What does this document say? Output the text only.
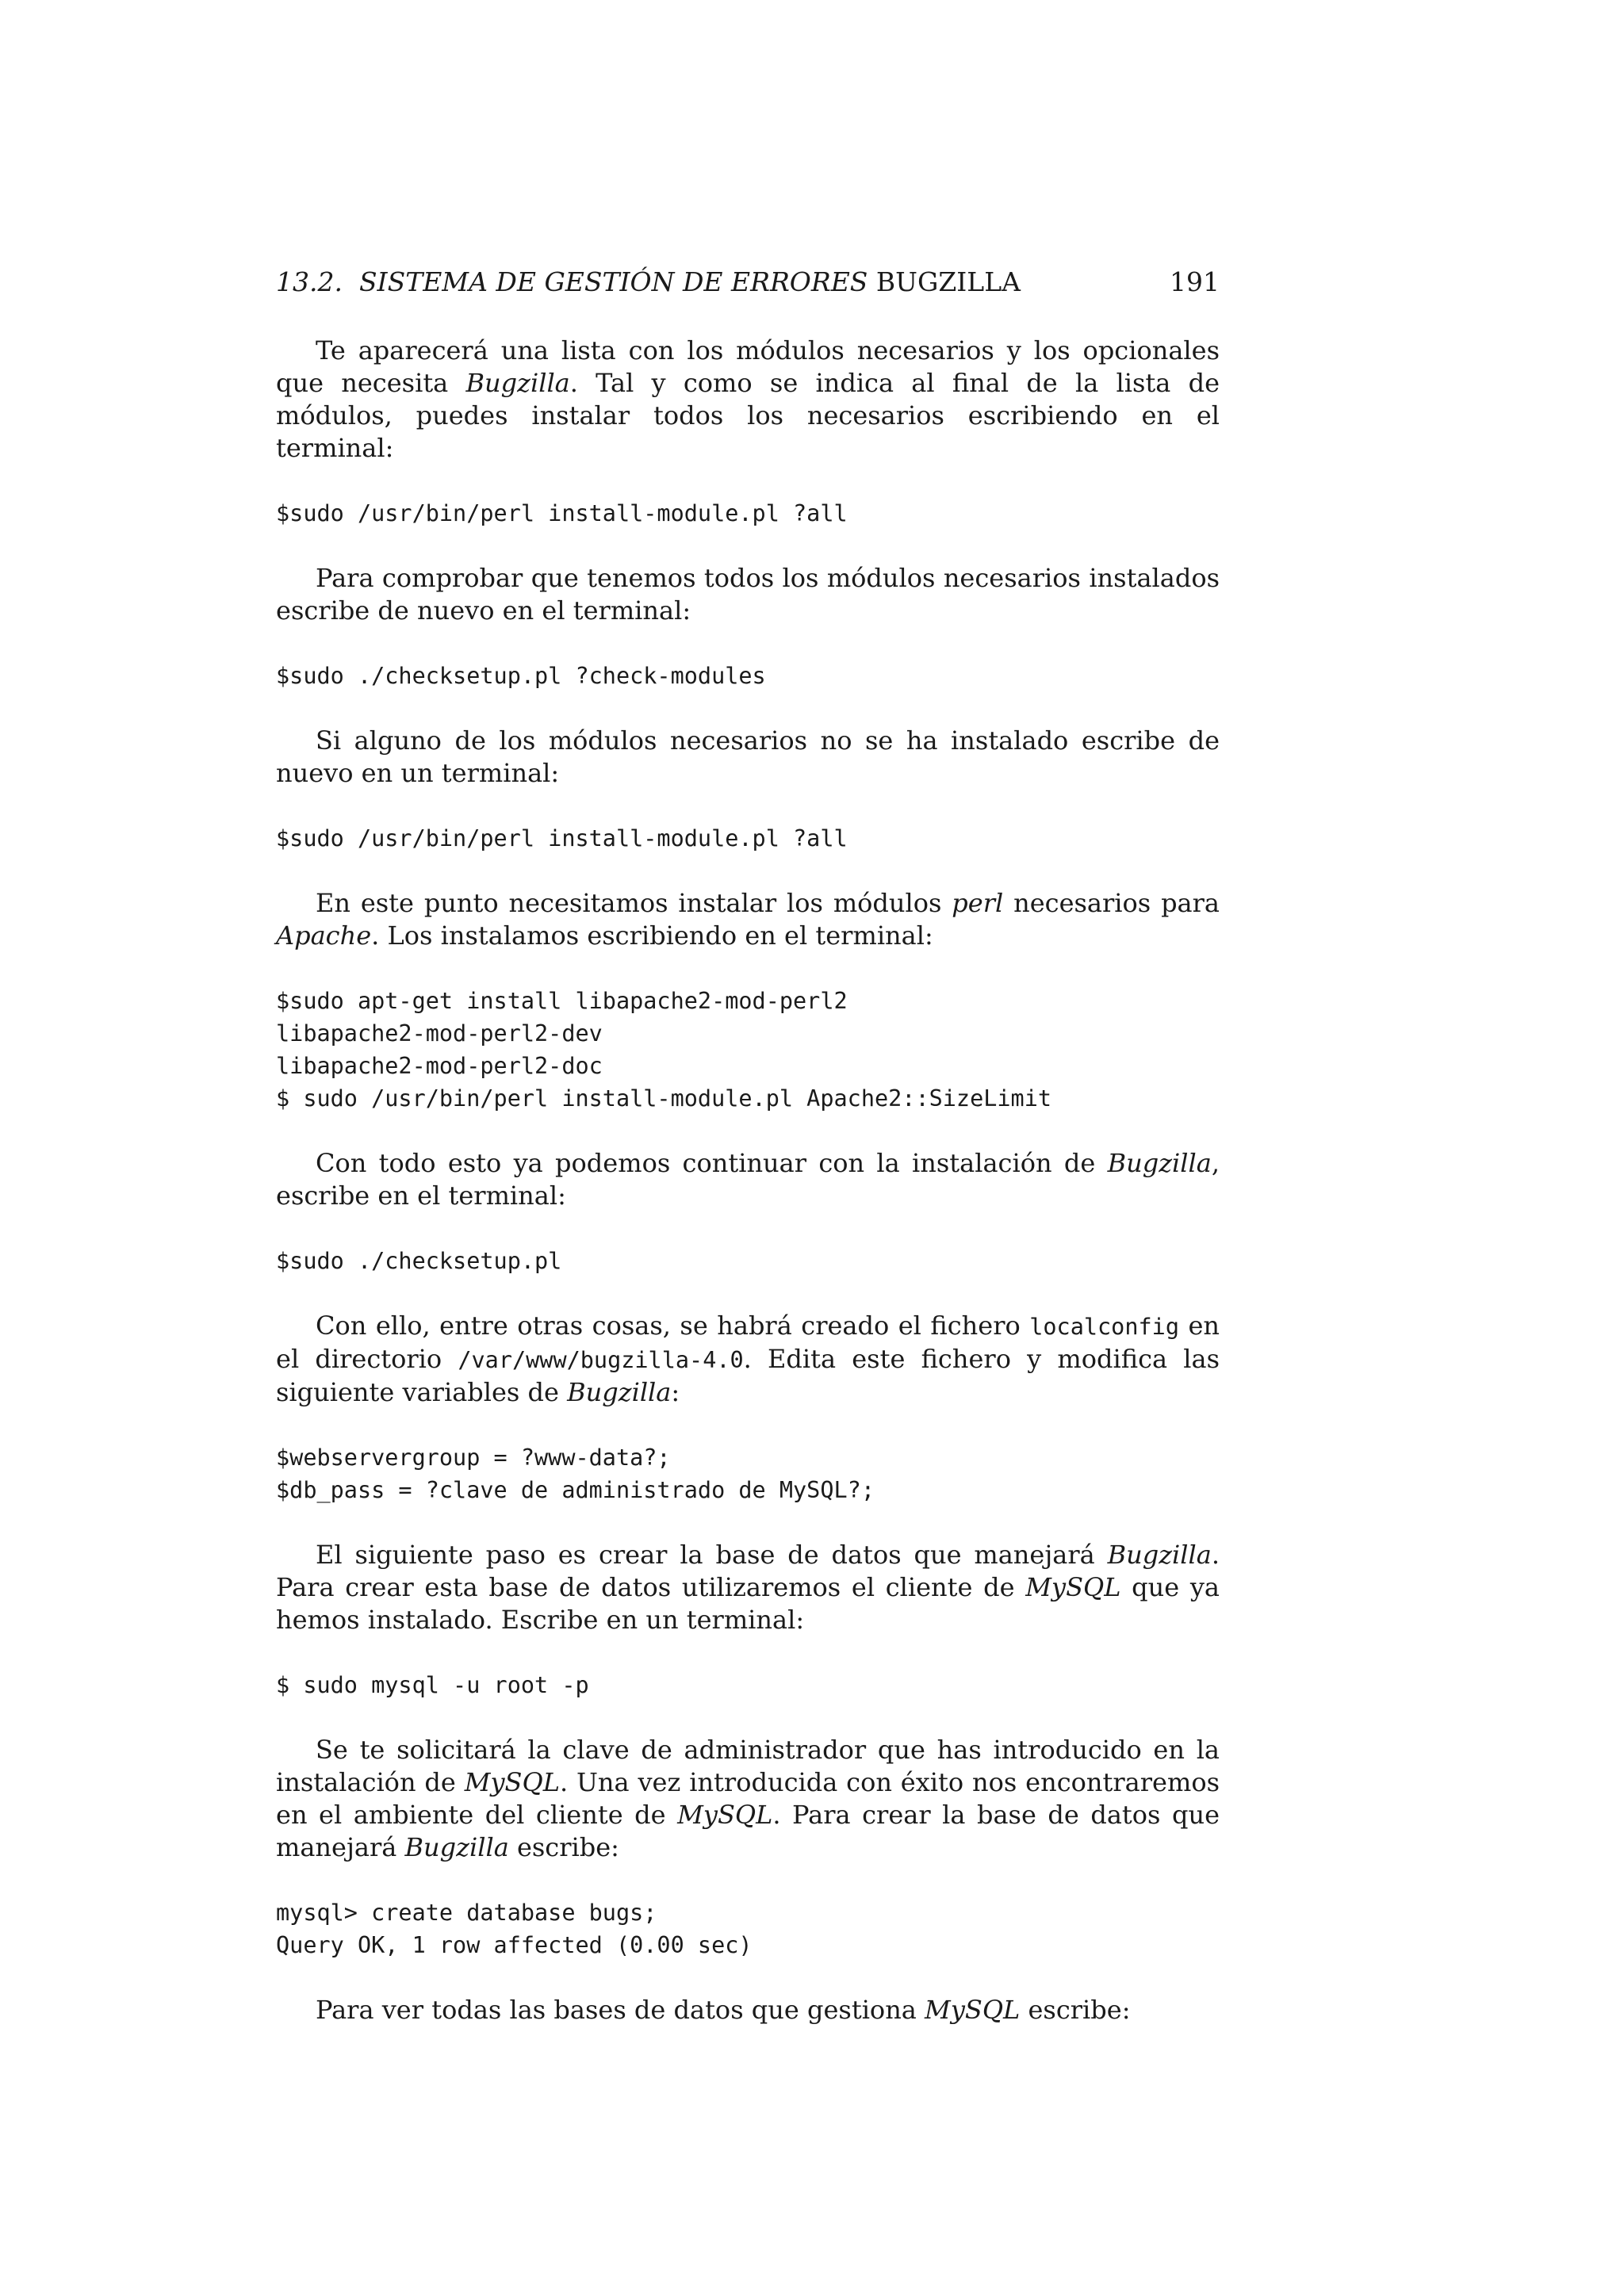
13.2. SISTEMA DE GESTIÓN DE ERRORES BUGZILLA	191

Te aparecerá una lista con los módulos necesarios y los opcionales que necesita Bugzilla. Tal y como se indica al final de la lista de módulos, puedes instalar todos los necesarios escribiendo en el terminal:

$sudo /usr/bin/perl install-module.pl ?all

Para comprobar que tenemos todos los módulos necesarios instalados escribe de nuevo en el terminal:

$sudo ./checksetup.pl ?check-modules

Si alguno de los módulos necesarios no se ha instalado escribe de nuevo en un terminal:

$sudo /usr/bin/perl install-module.pl ?all

En este punto necesitamos instalar los módulos perl necesarios para Apache. Los instalamos escribiendo en el terminal:

$sudo apt-get install libapache2-mod-perl2
libapache2-mod-perl2-dev
libapache2-mod-perl2-doc
$ sudo /usr/bin/perl install-module.pl Apache2::SizeLimit

Con todo esto ya podemos continuar con la instalación de Bugzilla, escribe en el terminal:

$sudo ./checksetup.pl

Con ello, entre otras cosas, se habrá creado el fichero localconfig en el directorio /var/www/bugzilla-4.0. Edita este fichero y modifica las siguiente variables de Bugzilla:

$webservergroup = ?www-data?;
$db_pass = ?clave de administrado de MySQL?;

El siguiente paso es crear la base de datos que manejará Bugzilla. Para crear esta base de datos utilizaremos el cliente de MySQL que ya hemos instalado. Escribe en un terminal:

$ sudo mysql -u root -p

Se te solicitará la clave de administrador que has introducido en la instalación de MySQL. Una vez introducida con éxito nos encontraremos en el ambiente del cliente de MySQL. Para crear la base de datos que manejará Bugzilla escribe:

mysql> create database bugs;
Query OK, 1 row affected (0.00 sec)

Para ver todas las bases de datos que gestiona MySQL escribe:
